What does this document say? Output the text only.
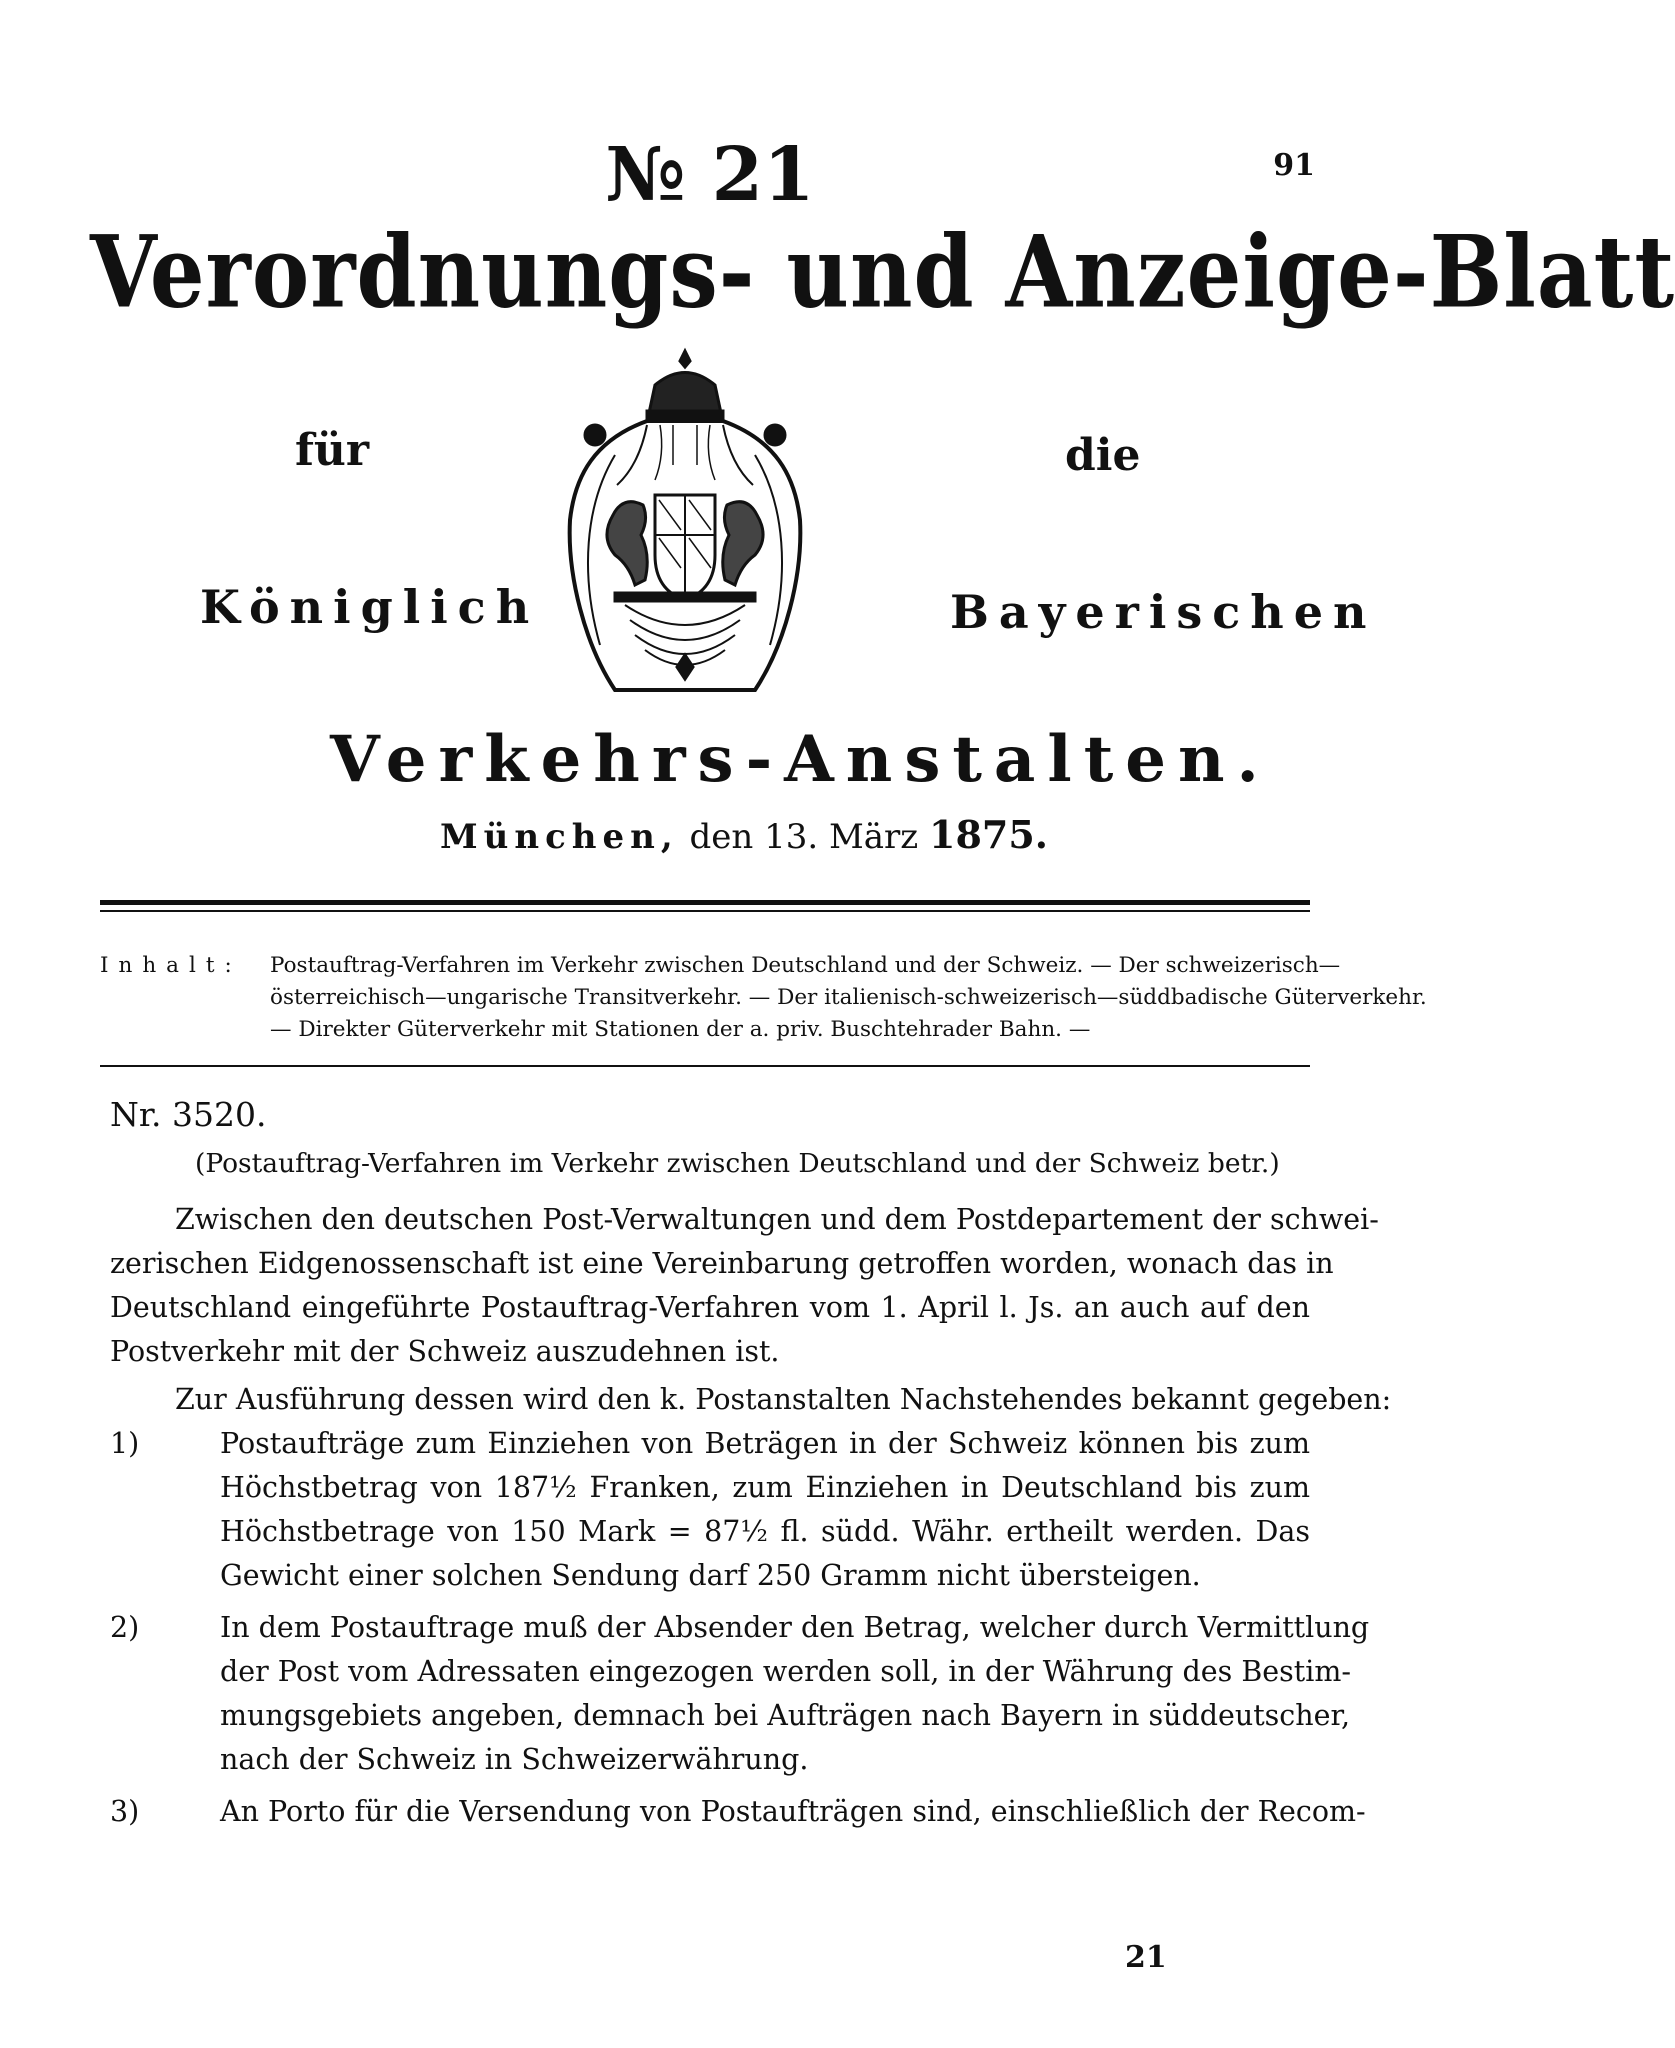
№ 21	91
Verordnungs- und Anzeige-Blatt
für	die
Königlich	Bayerischen
Verkehrs-Anstalten.
München, den 13. März 1875.
Inhalt: Postauftrag-Verfahren im Verkehr zwischen Deutschland und der Schweiz. — Der schweizerisch—
österreichisch—ungarische Transitverkehr. — Der italienisch-schweizerisch—süddbadische Güterverkehr.
— Direkter Güterverkehr mit Stationen der a. priv. Buschtehrader Bahn. —
Nr. 3520.
(Postauftrag-Verfahren im Verkehr zwischen Deutschland und der Schweiz betr.)
Zwischen den deutschen Post-Verwaltungen und dem Postdepartement der schwei-
zerischen Eidgenossenschaft ist eine Vereinbarung getroffen worden, wonach das in
Deutschland eingeführte Postauftrag-Verfahren vom 1. April l. Js. an auch auf den
Postverkehr mit der Schweiz auszudehnen ist.
Zur Ausführung dessen wird den k. Postanstalten Nachstehendes bekannt gegeben:
1)	Postaufträge zum Einziehen von Beträgen in der Schweiz können bis zum
Höchstbetrag von 187½ Franken, zum Einziehen in Deutschland bis zum
Höchstbetrage von 150 Mark = 87½ fl. südd. Währ. ertheilt werden. Das
Gewicht einer solchen Sendung darf 250 Gramm nicht übersteigen.
2)	In dem Postauftrage muß der Absender den Betrag, welcher durch Vermittlung
der Post vom Adressaten eingezogen werden soll, in der Währung des Bestim-
mungsgebiets angeben, demnach bei Aufträgen nach Bayern in süddeutscher,
nach der Schweiz in Schweizerwährung.
3)	An Porto für die Versendung von Postaufträgen sind, einschließlich der Recom-
21
